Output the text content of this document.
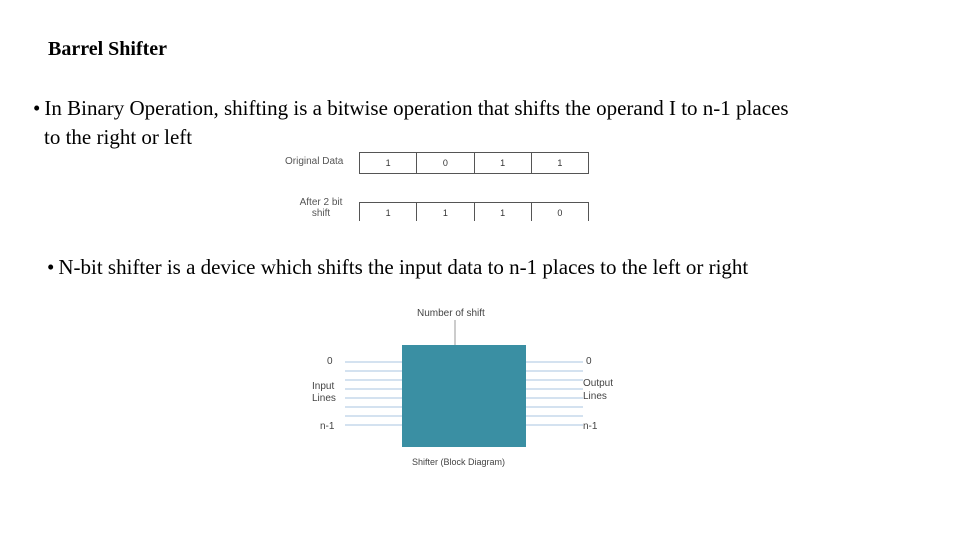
Barrel Shifter
• In Binary Operation, shifting is a bitwise operation that shifts the operand I to n-1 places
to the right or left
Original Data	1	0	1	1
After 2 bit shift	1	1	1	0
• N-bit shifter is a device which shifts the input data to n-1 places to the left or right
Number of shift
0
Input
Lines
n-1
0
Output
Lines
n-1
Shifter (Block Diagram)
